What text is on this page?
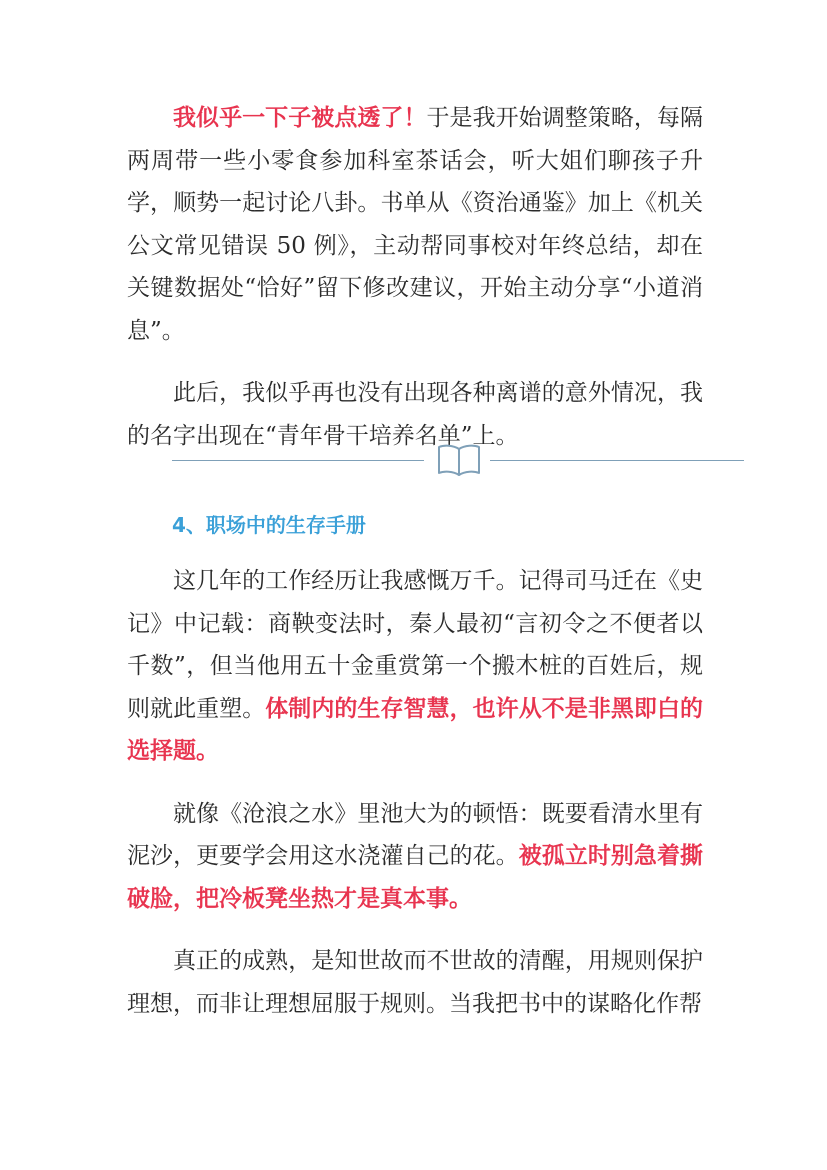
我似乎一下子被点透了！于是我开始调整策略，每隔两周带一些小零食参加科室茶话会，听大姐们聊孩子升学，顺势一起讨论八卦。书单从《资治通鉴》加上《机关公文常见错误 50 例》，主动帮同事校对年终总结，却在关键数据处“恰好”留下修改建议，开始主动分享“小道消息”。

此后，我似乎再也没有出现各种离谱的意外情况，我的名字出现在“青年骨干培养名单”上。

4、职场中的生存手册

这几年的工作经历让我感慨万千。记得司马迁在《史记》中记载：商鞅变法时，秦人最初“言初令之不便者以千数”，但当他用五十金重赏第一个搬木桩的百姓后，规则就此重塑。体制内的生存智慧，也许从不是非黑即白的选择题。

就像《沧浪之水》里池大为的顿悟：既要看清水里有泥沙，更要学会用这水浇灌自己的花。被孤立时别急着撕破脸，把冷板凳坐热才是真本事。

真正的成熟，是知世故而不世故的清醒，用规则保护理想，而非让理想屈服于规则。当我把书中的谋略化作帮
